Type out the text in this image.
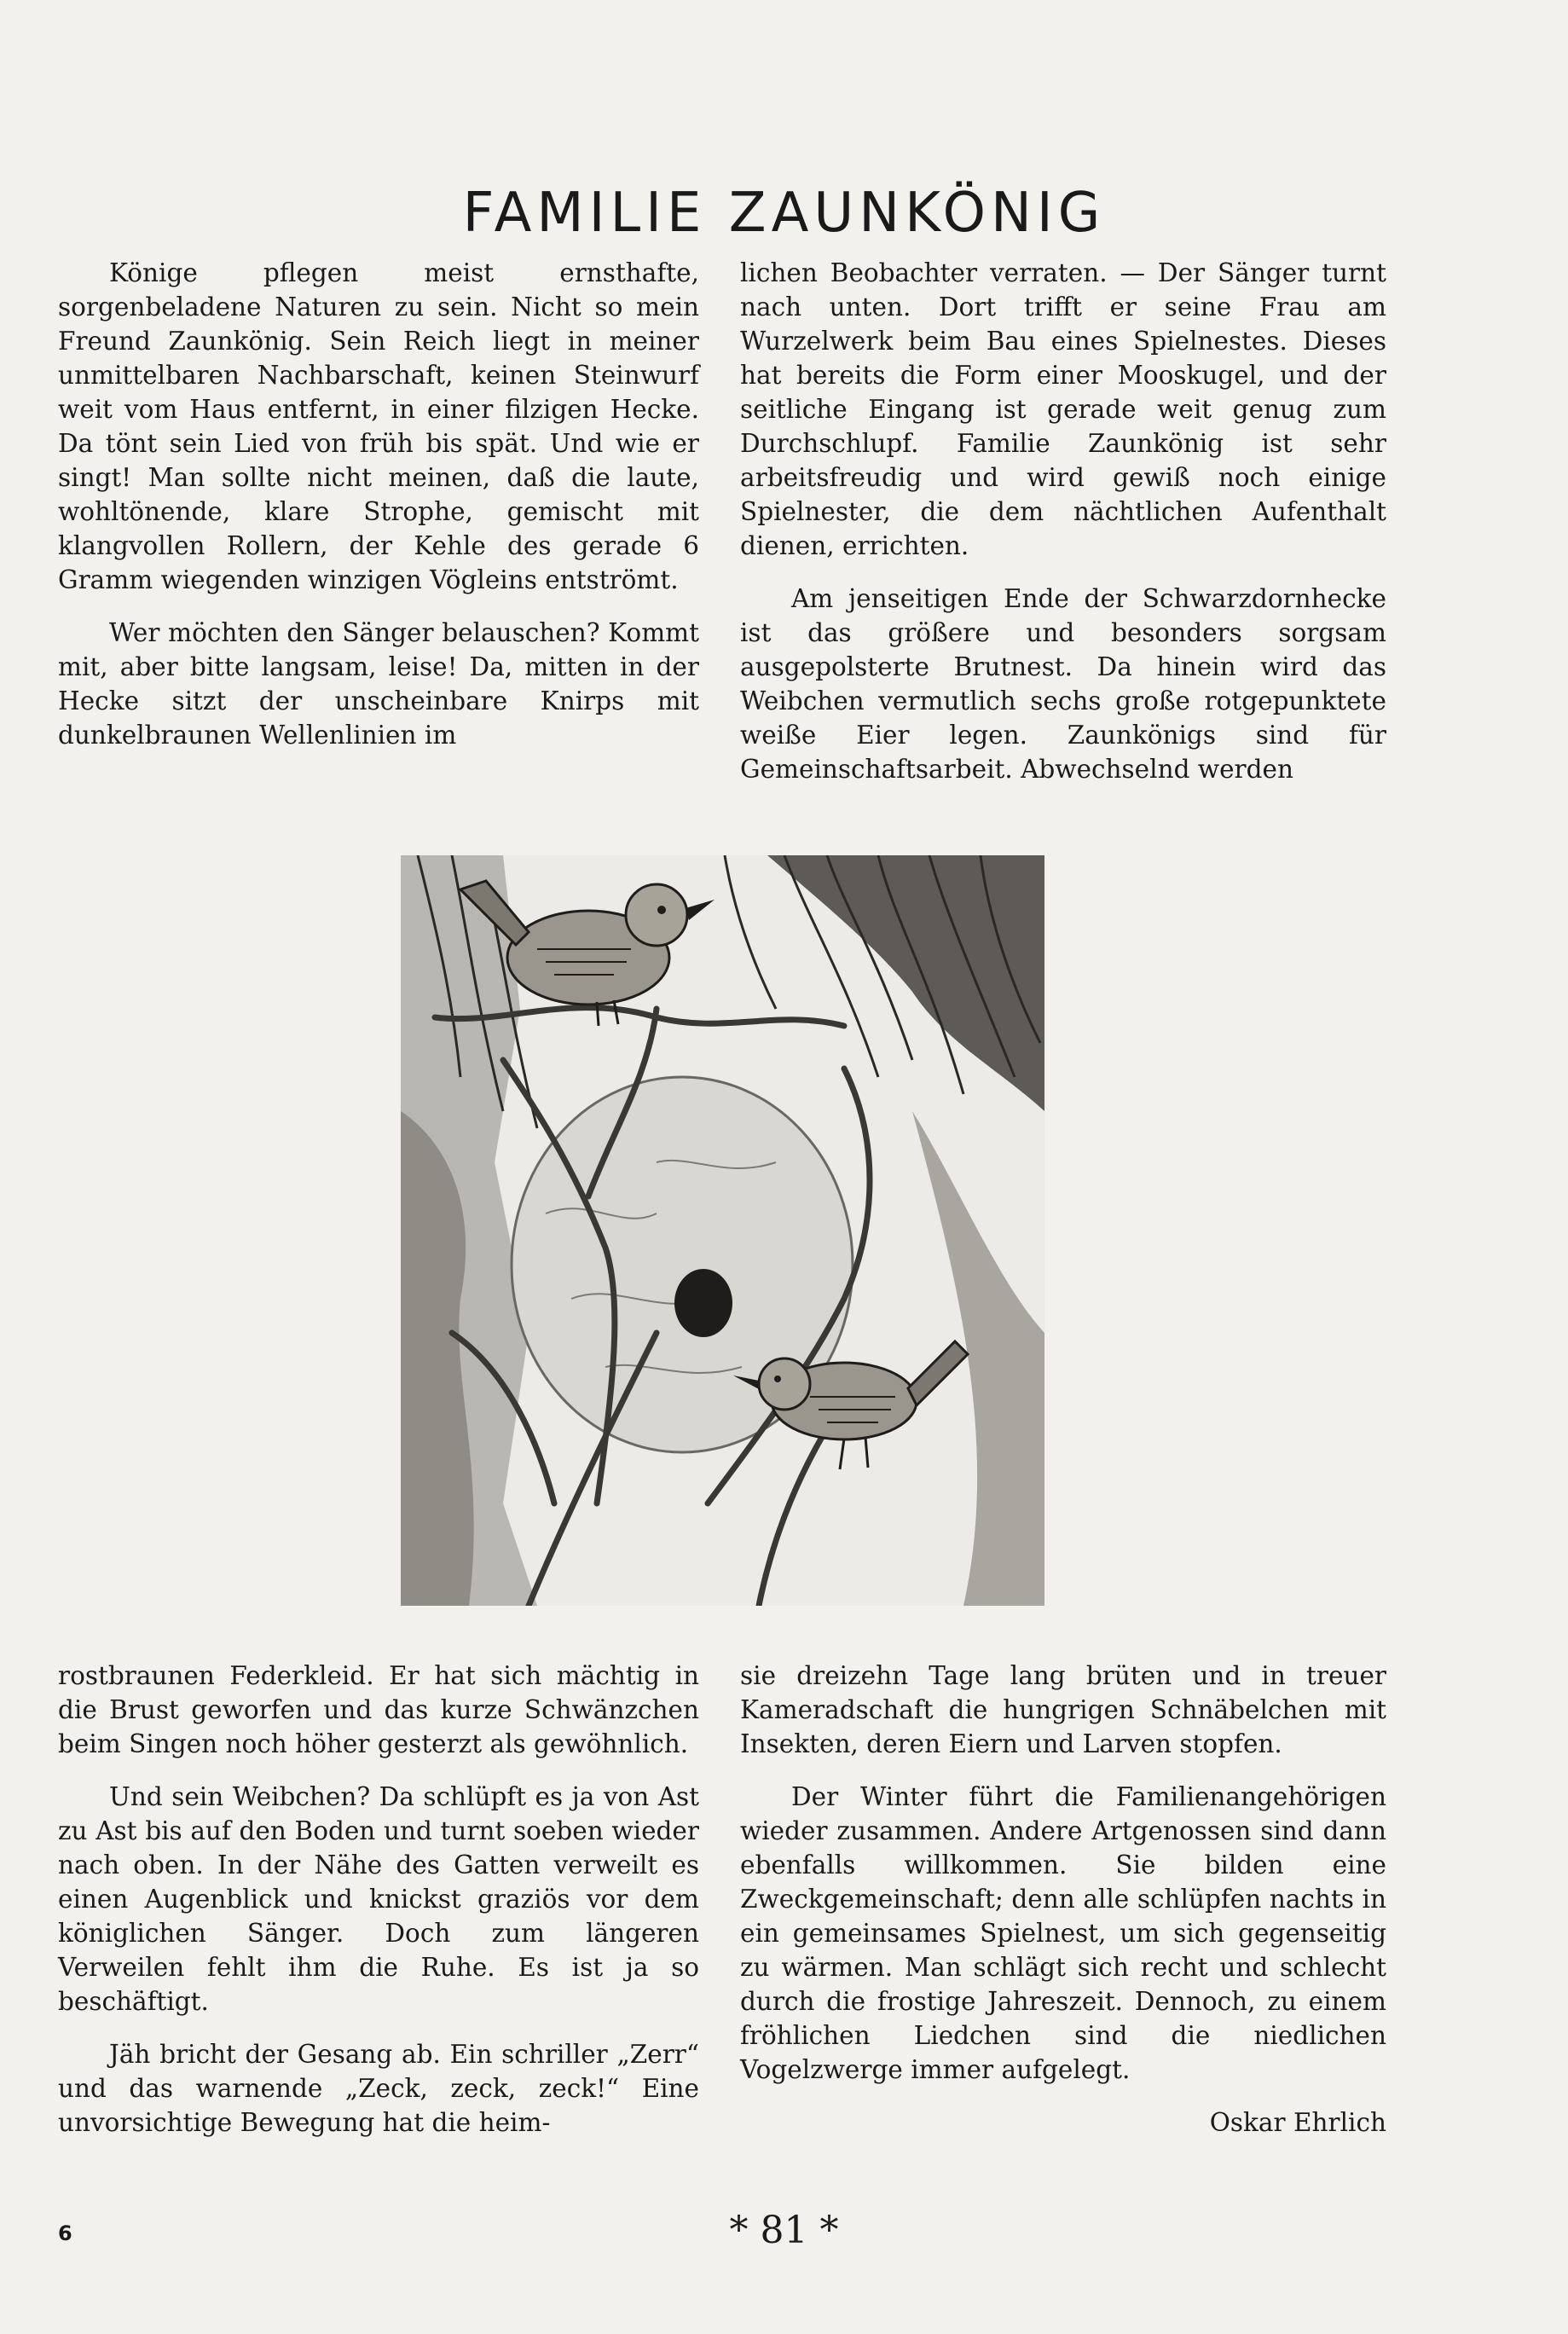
FAMILIE ZAUNKÖNIG

Könige pflegen meist ernsthafte, sorgenbeladene Naturen zu sein. Nicht so mein Freund Zaunkönig. Sein Reich liegt in meiner unmittelbaren Nachbarschaft, keinen Steinwurf weit vom Haus entfernt, in einer filzigen Hecke. Da tönt sein Lied von früh bis spät. Und wie er singt! Man sollte nicht meinen, daß die laute, wohltönende, klare Strophe, gemischt mit klangvollen Rollern, der Kehle des gerade 6 Gramm wiegenden winzigen Vögleins entströmt.

Wer möchten den Sänger belauschen? Kommt mit, aber bitte langsam, leise! Da, mitten in der Hecke sitzt der unscheinbare Knirps mit dunkelbraunen Wellenlinien im

lichen Beobachter verraten. — Der Sänger turnt nach unten. Dort trifft er seine Frau am Wurzelwerk beim Bau eines Spielnestes. Dieses hat bereits die Form einer Mooskugel, und der seitliche Eingang ist gerade weit genug zum Durchschlupf. Familie Zaunkönig ist sehr arbeitsfreudig und wird gewiß noch einige Spielnester, die dem nächtlichen Aufenthalt dienen, errichten.

Am jenseitigen Ende der Schwarzdornhecke ist das größere und besonders sorgsam ausgepolsterte Brutnest. Da hinein wird das Weibchen vermutlich sechs große rotgepunktete weiße Eier legen. Zaunkönigs sind für Gemeinschaftsarbeit. Abwechselnd werden

rostbraunen Federkleid. Er hat sich mächtig in die Brust geworfen und das kurze Schwänzchen beim Singen noch höher gesterzt als gewöhnlich.

Und sein Weibchen? Da schlüpft es ja von Ast zu Ast bis auf den Boden und turnt soeben wieder nach oben. In der Nähe des Gatten verweilt es einen Augenblick und knickst graziös vor dem königlichen Sänger. Doch zum längeren Verweilen fehlt ihm die Ruhe. Es ist ja so beschäftigt.

Jäh bricht der Gesang ab. Ein schriller „Zerr“ und das warnende „Zeck, zeck, zeck!“ Eine unvorsichtige Bewegung hat die heim-

sie dreizehn Tage lang brüten und in treuer Kameradschaft die hungrigen Schnäbelchen mit Insekten, deren Eiern und Larven stopfen.

Der Winter führt die Familienangehörigen wieder zusammen. Andere Artgenossen sind dann ebenfalls willkommen. Sie bilden eine Zweckgemeinschaft; denn alle schlüpfen nachts in ein gemeinsames Spielnest, um sich gegenseitig zu wärmen. Man schlägt sich recht und schlecht durch die frostige Jahreszeit. Dennoch, zu einem fröhlichen Liedchen sind die niedlichen Vogelzwerge immer aufgelegt.

Oskar Ehrlich

6	* 81 *
